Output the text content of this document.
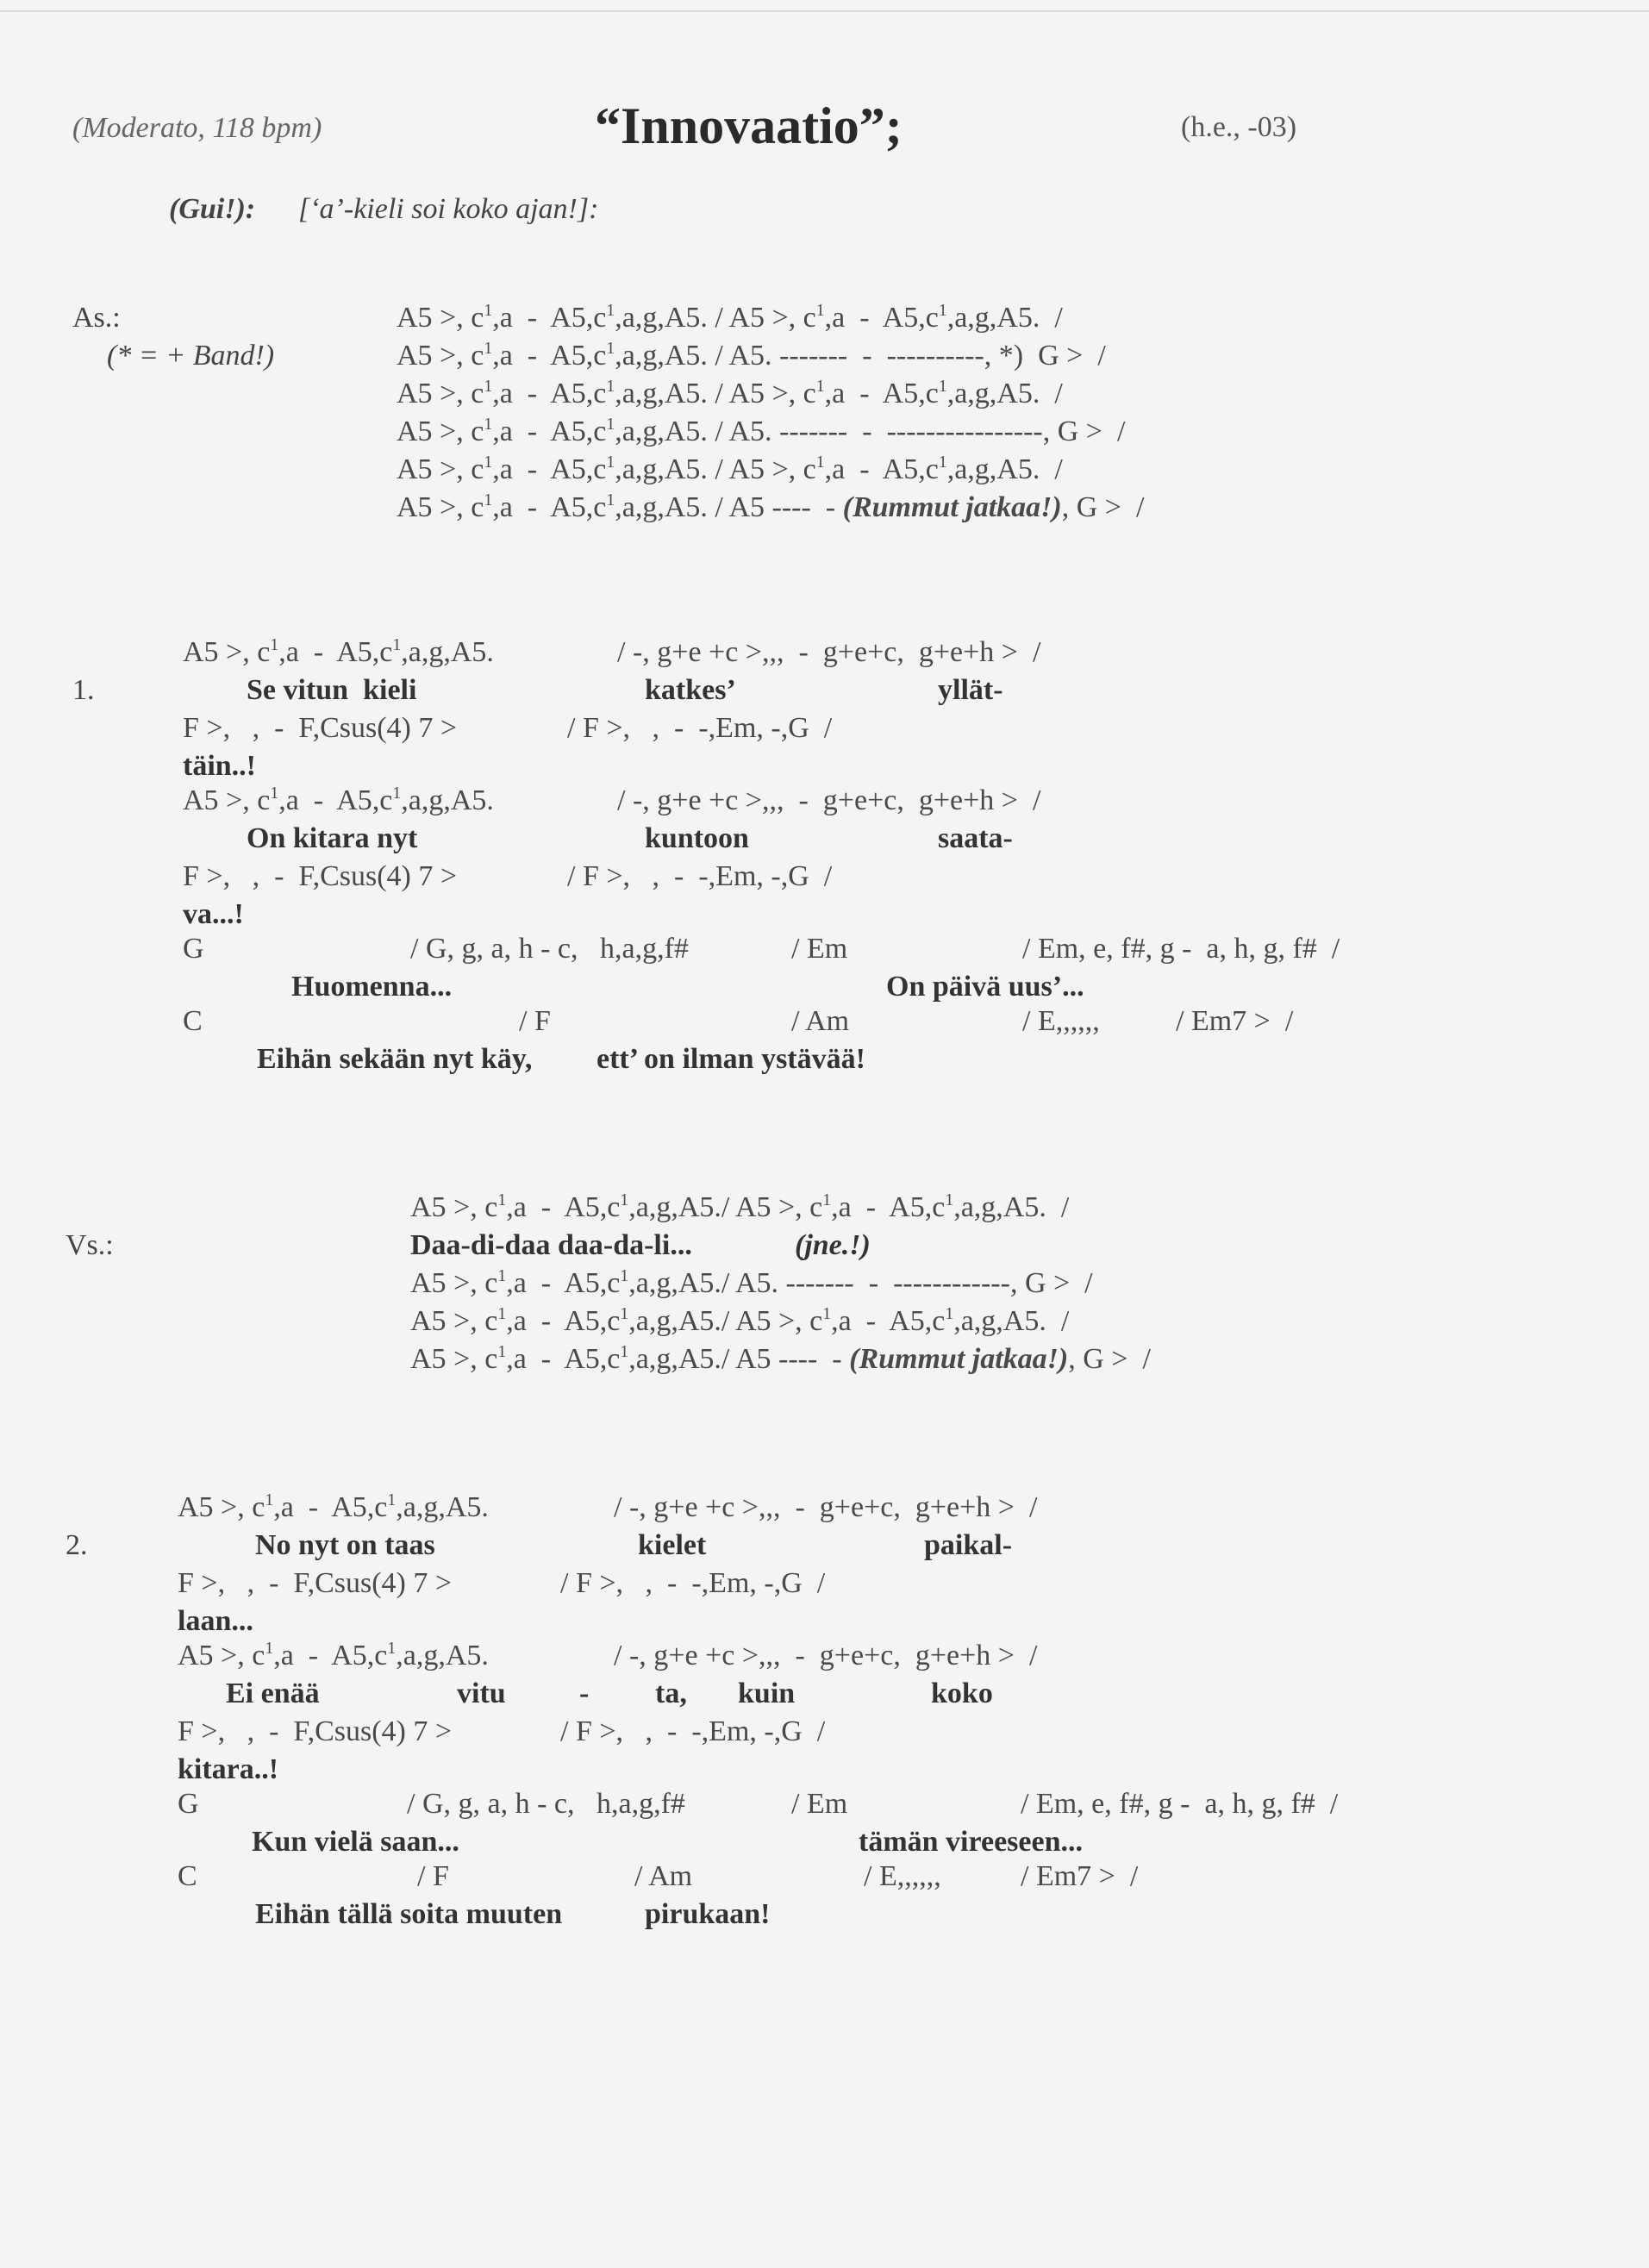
(Moderato, 118 bpm)	“Innovaatio”;	(h.e., -03)
(Gui!): [‘a’-kieli soi koko ajan!]:
As.:
(* = + Band!)
A5 >, $c^1,a - A5,c^1,a,g,A5$. / A5 >, $c^1,a - A5,c^1,a,g,A5$.  /
A5 >, $c^1,a - A5,c^1,a,g,A5$. / A5. -------  -  ----------, *)  G >  /
A5 >, $c^1,a - A5,c^1,a,g,A5$. / A5 >, $c^1,a - A5,c^1,a,g,A5$.  /
A5 >, $c^1,a - A5,c^1,a,g,A5$. / A5. -------  -  ----------------, G >  /
A5 >, $c^1,a - A5,c^1,a,g,A5$. / A5 >, $c^1,a - A5,c^1,a,g,A5$.  /
A5 >, $c^1,a - A5,c^1,a,g,A5$. / A5 ----  - (Rummut jatkaa!), G >  /
A5 >, $c^1,a - A5,c^1,a,g,A5$.	/ -, g+e +c >,,,  -  g+e+c,  g+e+h >  /
1.	Se vitun  kieli	katkes’	yllät-
F >,   ,  -  F,Csus(4) 7 >	/ F >,   ,  -  -,Em, -,G  /
täin..!
A5 >, $c^1,a - A5,c^1,a,g,A5$.	/ -, g+e +c >,,,  -  g+e+c,  g+e+h >  /
On kitara nyt	kuntoon	saata-
F >,   ,  -  F,Csus(4) 7 >	/ F >,   ,  -  -,Em, -,G  /
va...!
G	/ G, g, a, h - c,   h,a,g,f#	/ Em	/ Em, e, f#, g -  a, h, g, f#  /
Huomenna...	On päivä uus’...
C	/ F	/ Am	/ E,,,,,,	/ Em7 >  /
Eihän sekään nyt käy, ett’ on ilman ystävää!
A5 >, $c^1,a - A5,c^1,a,g,A5./$ A5 >, $c^1,a - A5,c^1,a,g,A5$.  /
Vs.:	Daa-di-daa daa-da-li...	(jne.!)
A5 >, $c^1,a - A5,c^1,a,g,A5./$ A5. -------  -  ------------, G >  /
A5 >, $c^1,a - A5,c^1,a,g,A5./$ A5 >, $c^1,a - A5,c^1,a,g,A5$.  /
A5 >, $c^1,a - A5,c^1,a,g,A5./$ A5 ----  - (Rummut jatkaa!), G >  /
A5 >, $c^1,a - A5,c^1,a,g,A5$.	/ -, g+e +c >,,,  -  g+e+c,  g+e+h >  /
2.	No nyt on taas	kielet	paikal-
F >,   ,  -  F,Csus(4) 7 >	/ F >,   ,  -  -,Em, -,G  /
laan...
A5 >, $c^1,a - A5,c^1,a,g,A5$.	/ -, g+e +c >,,,  -  g+e+c,  g+e+h >  /
Ei enää	vitu	- ta, kuin	koko
F >,   ,  -  F,Csus(4) 7 >	/ F >,   ,  -  -,Em, -,G  /
kitara..!
G	/ G, g, a, h - c,   h,a,g,f#	/ Em	/ Em, e, f#, g -  a, h, g, f#  /
Kun vielä saan...	tämän vireeseen...
C	/ F	/ Am	/ E,,,,,,	/ Em7 >  /
Eihän tällä soita muuten	pirukaan!
